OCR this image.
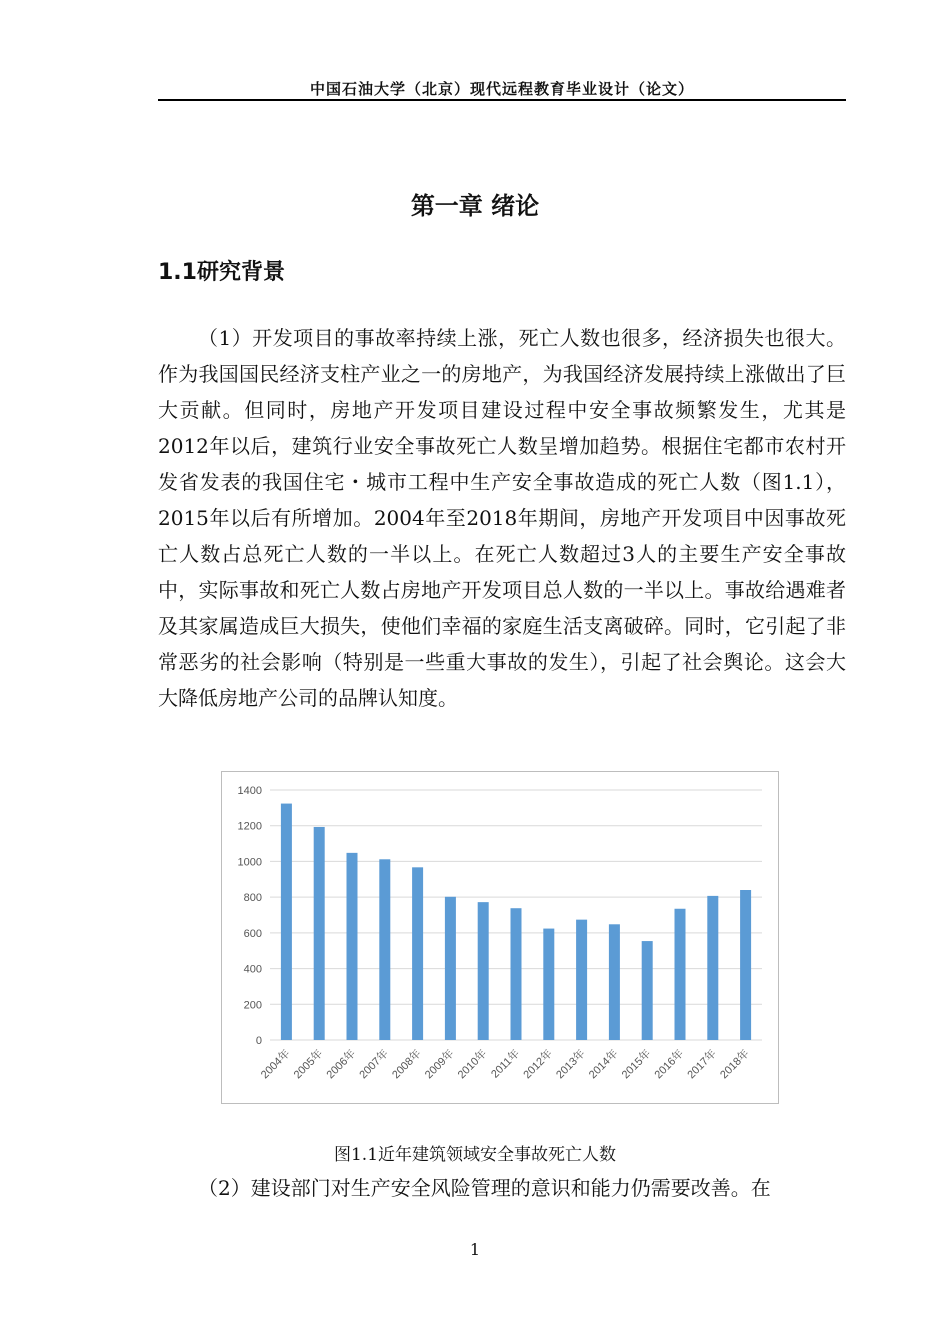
中国石油大学（北京）现代远程教育毕业设计（论文）
第一章 绪论
1.1研究背景

（1）开发项目的事故率持续上涨，死亡人数也很多，经济损失也很大。作为我国国民经济支柱产业之一的房地产，为我国经济发展持续上涨做出了巨大贡献。但同时，房地产开发项目建设过程中安全事故频繁发生，尤其是2012年以后，建筑行业安全事故死亡人数呈增加趋势。根据住宅都市农村开发省发表的我国住宅・城市工程中生产安全事故造成的死亡人数（图1.1），2015年以后有所增加。2004年至2018年期间，房地产开发项目中因事故死亡人数占总死亡人数的一半以上。在死亡人数超过3人的主要生产安全事故中，实际事故和死亡人数占房地产开发项目总人数的一半以上。事故给遇难者及其家属造成巨大损失，使他们幸福的家庭生活支离破碎。同时，它引起了非常恶劣的社会影响（特别是一些重大事故的发生），引起了社会舆论。这会大大降低房地产公司的品牌认知度。

0
200
400
600
800
1000
1200
1400
2004年 2005年 2006年 2007年 2008年 2009年 2010年 2011年 2012年 2013年 2014年 2015年 2016年 2017年 2018年
图1.1近年建筑领域安全事故死亡人数

（2）建设部门对生产安全风险管理的意识和能力仍需要改善。在

1
